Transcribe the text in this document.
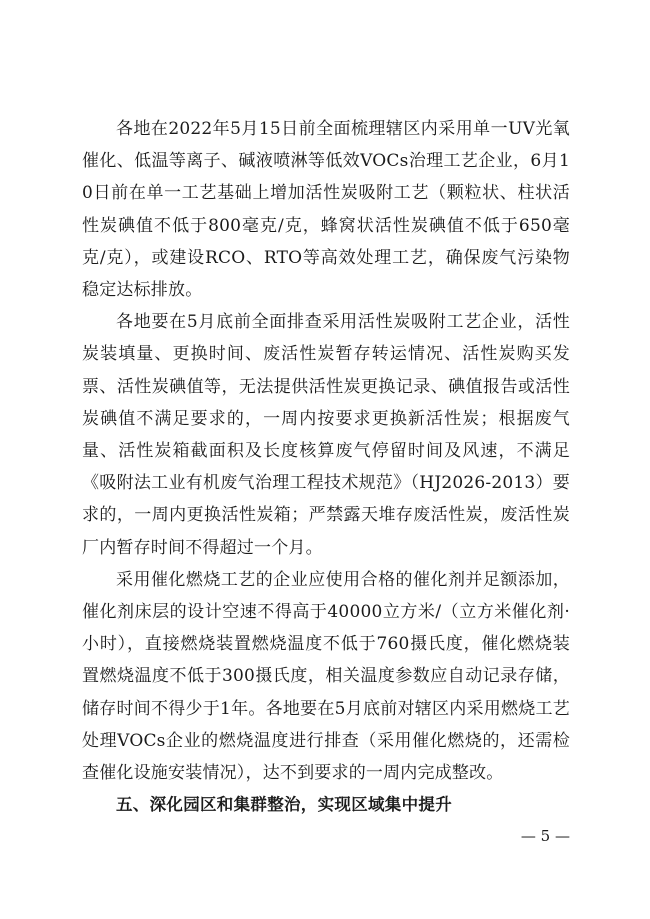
各地在2022年5月15日前全面梳理辖区内采用单一UV光氧催化、低温等离子、碱液喷淋等低效VOCs治理工艺企业，6月10日前在单一工艺基础上增加活性炭吸附工艺（颗粒状、柱状活性炭碘值不低于800毫克/克，蜂窝状活性炭碘值不低于650毫克/克），或建设RCO、RTO等高效处理工艺，确保废气污染物稳定达标排放。

各地要在5月底前全面排查采用活性炭吸附工艺企业，活性炭装填量、更换时间、废活性炭暂存转运情况、活性炭购买发票、活性炭碘值等，无法提供活性炭更换记录、碘值报告或活性炭碘值不满足要求的，一周内按要求更换新活性炭；根据废气量、活性炭箱截面积及长度核算废气停留时间及风速，不满足《吸附法工业有机废气治理工程技术规范》（HJ2026-2013）要求的，一周内更换活性炭箱；严禁露天堆存废活性炭，废活性炭厂内暂存时间不得超过一个月。

采用催化燃烧工艺的企业应使用合格的催化剂并足额添加，催化剂床层的设计空速不得高于40000立方米/（立方米催化剂·小时），直接燃烧装置燃烧温度不低于760摄氏度，催化燃烧装置燃烧温度不低于300摄氏度，相关温度参数应自动记录存储，储存时间不得少于1年。各地要在5月底前对辖区内采用燃烧工艺处理VOCs企业的燃烧温度进行排查（采用催化燃烧的，还需检查催化设施安装情况），达不到要求的一周内完成整改。

五、深化园区和集群整治，实现区域集中提升

— 5 —
